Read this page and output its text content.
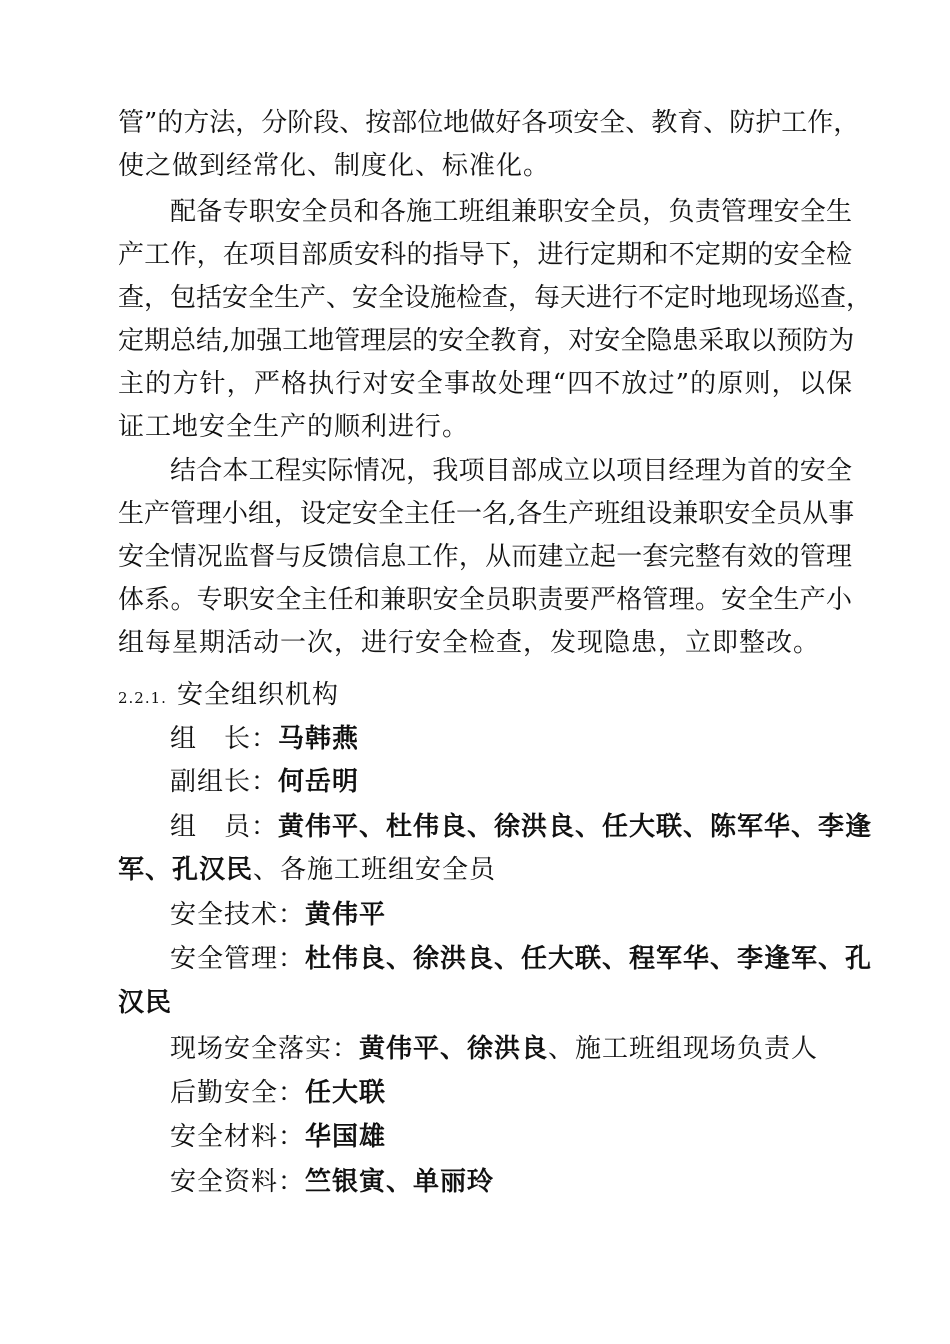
管”的方法，分阶段、按部位地做好各项安全、教育、防护工作，
使之做到经常化、制度化、标准化。
配备专职安全员和各施工班组兼职安全员，负责管理安全生
产工作，在项目部质安科的指导下，进行定期和不定期的安全检
查，包括安全生产、安全设施检查，每天进行不定时地现场巡查，
定期总结,加强工地管理层的安全教育，对安全隐患采取以预防为
主的方针，严格执行对安全事故处理“四不放过”的原则，以保
证工地安全生产的顺利进行。
结合本工程实际情况，我项目部成立以项目经理为首的安全
生产管理小组，设定安全主任一名,各生产班组设兼职安全员从事
安全情况监督与反馈信息工作，从而建立起一套完整有效的管理
体系。专职安全主任和兼职安全员职责要严格管理。安全生产小
组每星期活动一次，进行安全检查，发现隐患，立即整改。
2.2.1. 安全组织机构
组　长：马韩燕
副组长：何岳明
组　员：黄伟平、杜伟良、徐洪良、任大联、陈军华、李逢
军、孔汉民、各施工班组安全员
安全技术：黄伟平
安全管理：杜伟良、徐洪良、任大联、程军华、李逢军、孔
汉民
现场安全落实：黄伟平、徐洪良、施工班组现场负责人
后勤安全：任大联
安全材料：华国雄
安全资料：竺银寅、单丽玲
